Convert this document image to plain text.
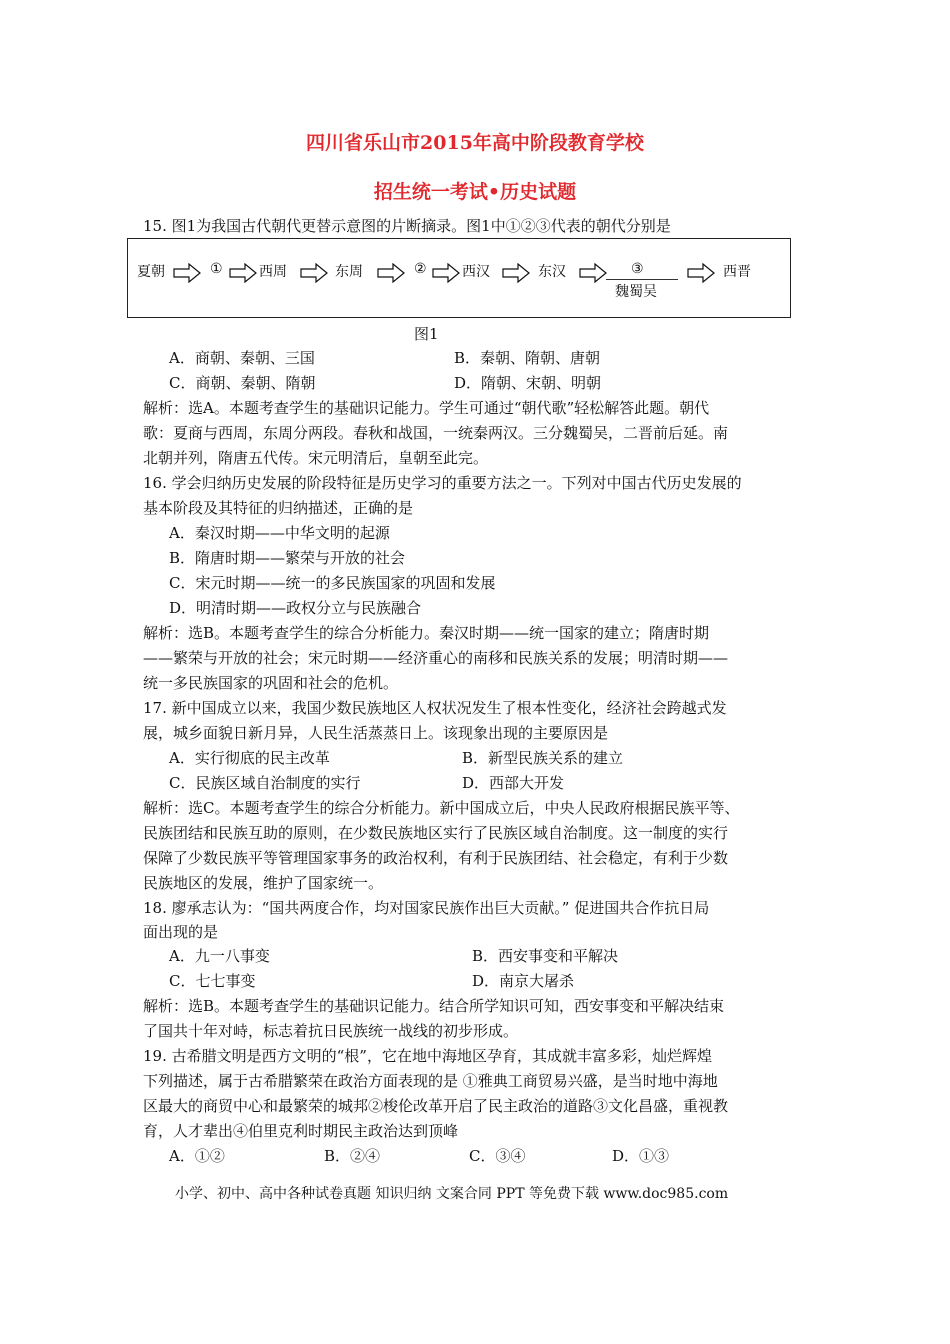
四川省乐山市2015年高中阶段教育学校
招生统一考试•历史试题
15. 图1为我国古代朝代更替示意图的片断摘录。图1中①②③代表的朝代分别是
夏朝	①	西周	东周	②	西汉	东汉	③
魏蜀吴
西晋
图1
A．商朝、秦朝、三国	B．秦朝、隋朝、唐朝
C．商朝、秦朝、隋朝	D．隋朝、宋朝、明朝
解析：选A。本题考查学生的基础识记能力。学生可通过“朝代歌”轻松解答此题。朝代
歌：夏商与西周，东周分两段。春秋和战国，一统秦两汉。三分魏蜀吴，二晋前后延。南
北朝并列，隋唐五代传。宋元明清后，皇朝至此完。
16. 学会归纳历史发展的阶段特征是历史学习的重要方法之一。下列对中国古代历史发展的
基本阶段及其特征的归纳描述，正确的是
A．秦汉时期——中华文明的起源
B．隋唐时期——繁荣与开放的社会
C．宋元时期——统一的多民族国家的巩固和发展
D．明清时期——政权分立与民族融合
解析：选B。本题考查学生的综合分析能力。秦汉时期——统一国家的建立；隋唐时期
——繁荣与开放的社会；宋元时期——经济重心的南移和民族关系的发展；明清时期——
统一多民族国家的巩固和社会的危机。
17. 新中国成立以来，我国少数民族地区人权状况发生了根本性变化，经济社会跨越式发
展，城乡面貌日新月异，人民生活蒸蒸日上。该现象出现的主要原因是
A．实行彻底的民主改革	B．新型民族关系的建立
C．民族区域自治制度的实行	D．西部大开发
解析：选C。本题考查学生的综合分析能力。新中国成立后，中央人民政府根据民族平等、
民族团结和民族互助的原则，在少数民族地区实行了民族区域自治制度。这一制度的实行
保障了少数民族平等管理国家事务的政治权利，有利于民族团结、社会稳定，有利于少数
民族地区的发展，维护了国家统一。
18. 廖承志认为：“国共两度合作，均对国家民族作出巨大贡献。” 促进国共合作抗日局
面出现的是
A．九一八事变	B．西安事变和平解决
C．七七事变	D．南京大屠杀
解析：选B。本题考查学生的基础识记能力。结合所学知识可知，西安事变和平解决结束
了国共十年对峙，标志着抗日民族统一战线的初步形成。
19. 古希腊文明是西方文明的“根”，它在地中海地区孕育，其成就丰富多彩，灿烂辉煌
下列描述，属于古希腊繁荣在政治方面表现的是 ①雅典工商贸易兴盛，是当时地中海地
区最大的商贸中心和最繁荣的城邦②梭伦改革开启了民主政治的道路③文化昌盛，重视教
育，人才辈出④伯里克利时期民主政治达到顶峰
A．①②	B．②④	C．③④	D．①③
小学、初中、高中各种试卷真题 知识归纳 文案合同 PPT 等免费下载 www.doc985.com
